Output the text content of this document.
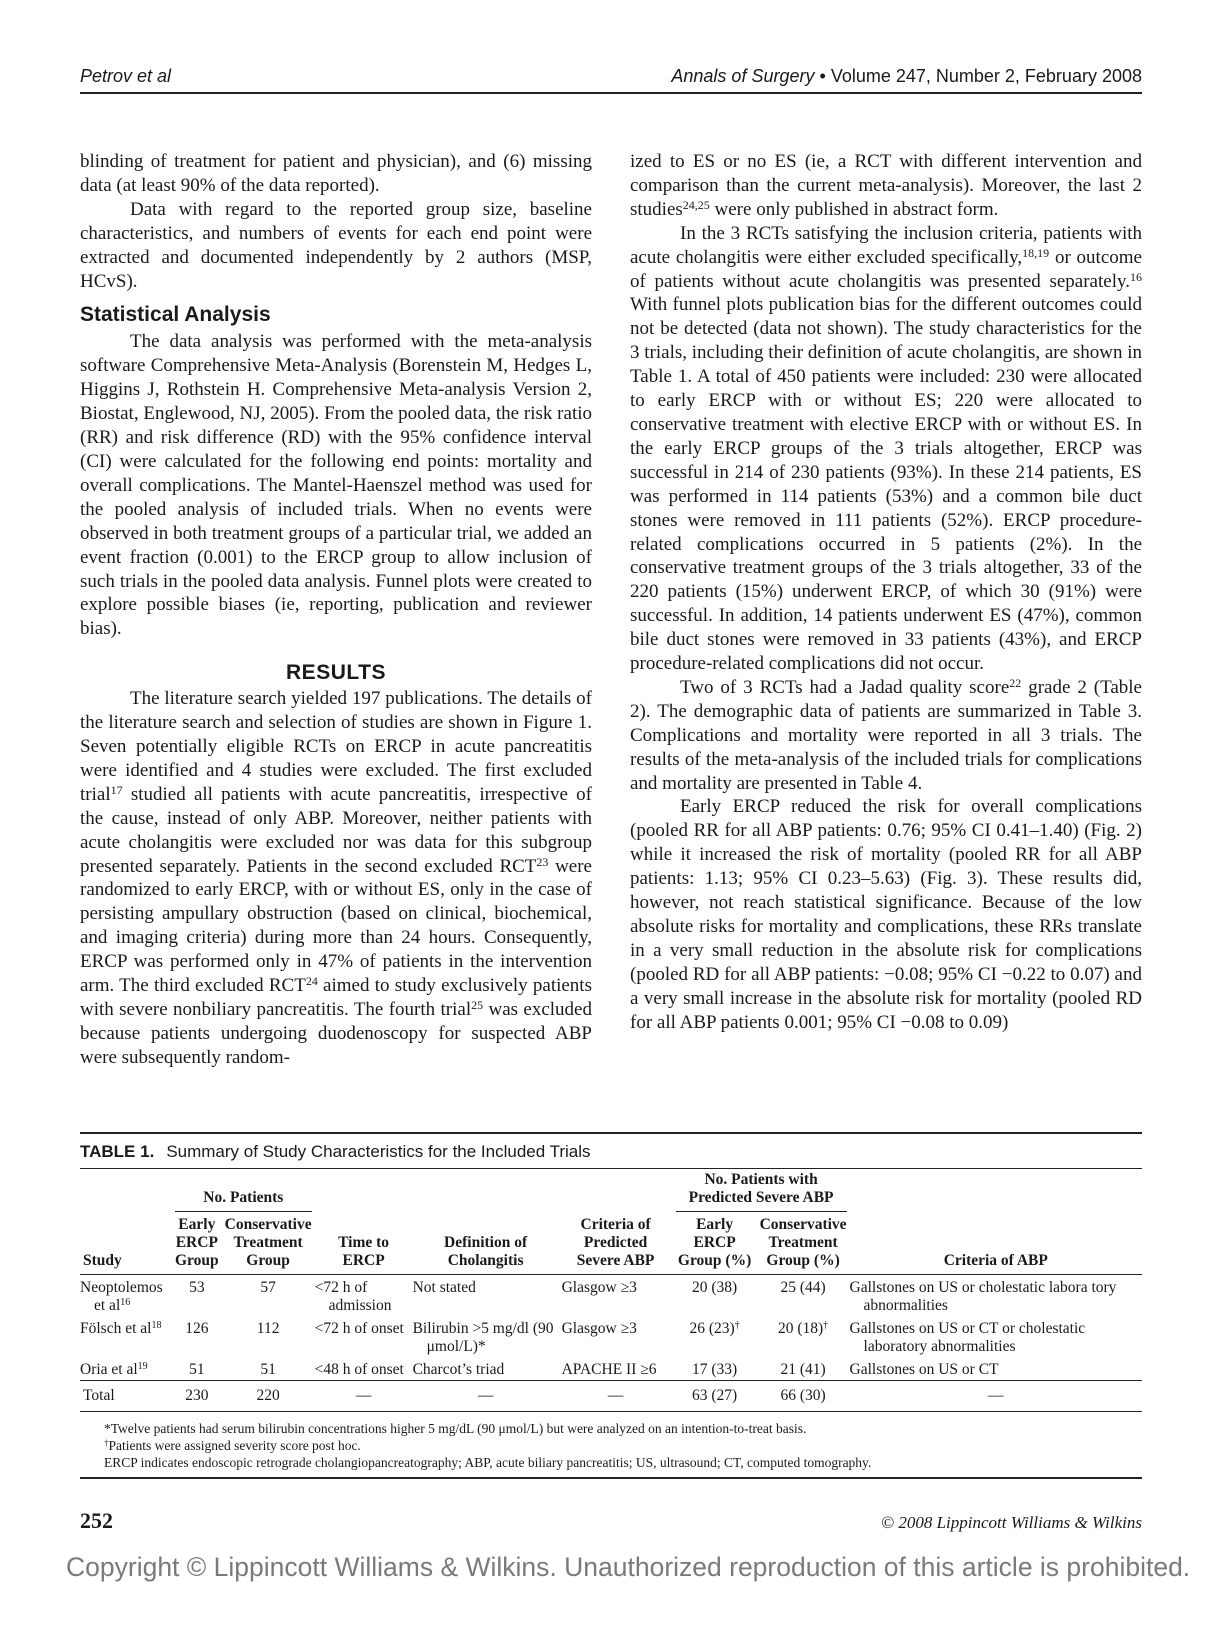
Petrov et al	Annals of Surgery • Volume 247, Number 2, February 2008

blinding of treatment for patient and physician), and (6) missing data (at least 90% of the data reported).

Data with regard to the reported group size, baseline characteristics, and numbers of events for each end point were extracted and documented independently by 2 authors (MSP, HCvS).

Statistical Analysis

The data analysis was performed with the meta-analysis software Comprehensive Meta-Analysis (Borenstein M, Hedges L, Higgins J, Rothstein H. Comprehensive Meta-analysis Version 2, Biostat, Englewood, NJ, 2005). From the pooled data, the risk ratio (RR) and risk difference (RD) with the 95% confidence interval (CI) were calculated for the following end points: mortality and overall complications. The Mantel-Haenszel method was used for the pooled analysis of included trials. When no events were observed in both treatment groups of a particular trial, we added an event fraction (0.001) to the ERCP group to allow inclusion of such trials in the pooled data analysis. Funnel plots were created to explore possible biases (ie, reporting, publication and reviewer bias).

RESULTS

The literature search yielded 197 publications. The details of the literature search and selection of studies are shown in Figure 1. Seven potentially eligible RCTs on ERCP in acute pancreatitis were identified and 4 studies were excluded. The first excluded trial$^{17}$ studied all patients with acute pancreatitis, irrespective of the cause, instead of only ABP. Moreover, neither patients with acute cholangitis were excluded nor was data for this subgroup presented separately. Patients in the second excluded RCT$^{23}$ were randomized to early ERCP, with or without ES, only in the case of persisting ampullary obstruction (based on clinical, biochemical, and imaging criteria) during more than 24 hours. Consequently, ERCP was performed only in 47% of patients in the intervention arm. The third excluded RCT$^{24}$ aimed to study exclusively patients with severe nonbiliary pancreatitis. The fourth trial$^{25}$ was excluded because patients undergoing duodenoscopy for suspected ABP were subsequently random-

ized to ES or no ES (ie, a RCT with different intervention and comparison than the current meta-analysis). Moreover, the last 2 studies$^{24,25}$ were only published in abstract form.

In the 3 RCTs satisfying the inclusion criteria, patients with acute cholangitis were either excluded specifically,$^{18,19}$ or outcome of patients without acute cholangitis was presented separately.$^{16}$ With funnel plots publication bias for the different outcomes could not be detected (data not shown). The study characteristics for the 3 trials, including their definition of acute cholangitis, are shown in Table 1. A total of 450 patients were included: 230 were allocated to early ERCP with or without ES; 220 were allocated to conservative treatment with elective ERCP with or without ES. In the early ERCP groups of the 3 trials altogether, ERCP was successful in 214 of 230 patients (93%). In these 214 patients, ES was performed in 114 patients (53%) and a common bile duct stones were removed in 111 patients (52%). ERCP procedure-related complications occurred in 5 patients (2%). In the conservative treatment groups of the 3 trials altogether, 33 of the 220 patients (15%) underwent ERCP, of which 30 (91%) were successful. In addition, 14 patients underwent ES (47%), common bile duct stones were removed in 33 patients (43%), and ERCP procedure-related complications did not occur.

Two of 3 RCTs had a Jadad quality score$^{22}$ grade 2 (Table 2). The demographic data of patients are summarized in Table 3. Complications and mortality were reported in all 3 trials. The results of the meta-analysis of the included trials for complications and mortality are presented in Table 4.

Early ERCP reduced the risk for overall complications (pooled RR for all ABP patients: 0.76; 95% CI 0.41–1.40) (Fig. 2) while it increased the risk of mortality (pooled RR for all ABP patients: 1.13; 95% CI 0.23–5.63) (Fig. 3). These results did, however, not reach statistical significance. Because of the low absolute risks for mortality and complications, these RRs translate in a very small reduction in the absolute risk for complications (pooled RD for all ABP patients: −0.08; 95% CI −0.22 to 0.07) and a very small increase in the absolute risk for mortality (pooled RD for all ABP patients 0.001; 95% CI −0.08 to 0.09)

TABLE 1. Summary of Study Characteristics for the Included Trials

	No. Patients					No. Patients with Predicted Severe ABP		

Study	Early ERCP Group	Conservative Treatment Group	Time to ERCP	Definition of Cholangitis	Criteria of Predicted Severe ABP	Early ERCP Group (%)	Conservative Treatment Group (%)	Criteria of ABP
Neoptolemos et $al^{16}$	53	57	<72 h of admission	Not stated	Glasgow ≥3	20 (38)	25 (44)	Gallstones on US or cholestatic labora tory abnormalities
Fölsch et $al^{18}$	126	112	<72 h of onset	Bilirubin >5 mg/dl (90 μmol/L)*	Glasgow ≥3	26 (23)†	20 (18)†	Gallstones on US or CT or cholestatic laboratory abnormalities
Oria et $al^{19}$	51	51	<48 h of onset	Charcot’s triad	APACHE II ≥6	17 (33)	21 (41)	Gallstones on US or CT
Total	230	220	—	—	—	63 (27)	66 (30)	—
*Twelve patients had serum bilirubin concentrations higher 5 mg/dL (90 μmol/L) but were analyzed on an intention-to-treat basis.
†Patients were assigned severity score post hoc.
ERCP indicates endoscopic retrograde cholangiopancreatography; ABP, acute biliary pancreatitis; US, ultrasound; CT, computed tomography.
252	© 2008 Lippincott Williams & Wilkins
Copyright © Lippincott Williams & Wilkins. Unauthorized reproduction of this article is prohibited.
